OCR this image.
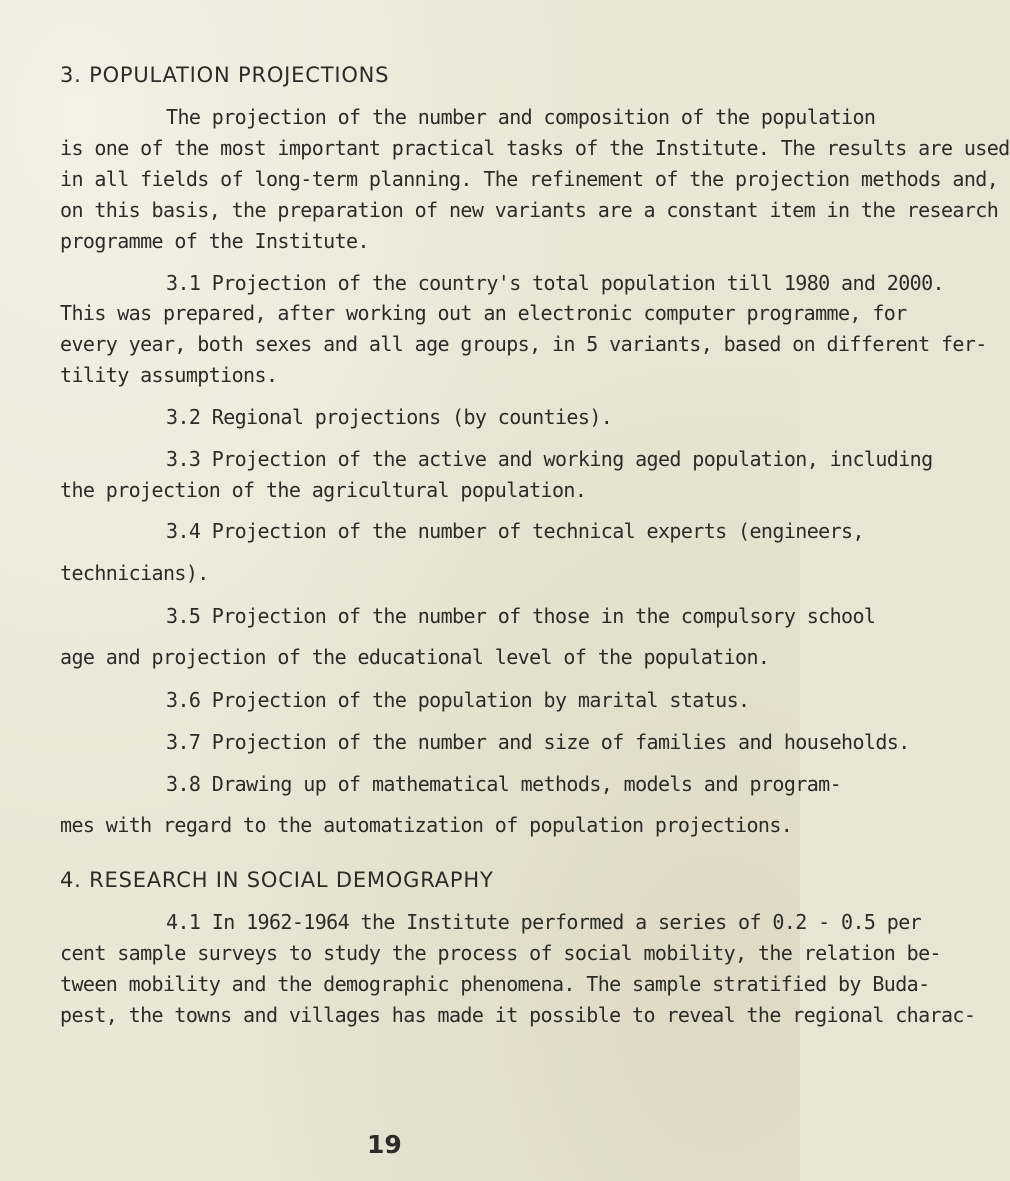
3. POPULATION PROJECTIONS
The projection of the number and composition of the population
is one of the most important practical tasks of the Institute. The results are used
in all fields of long-term planning. The refinement of the projection methods and,
on this basis, the preparation of new variants are a constant item in the research
programme of the Institute.
3.1 Projection of the country's total population till 1980 and 2000.
This was prepared, after working out an electronic computer programme, for
every year, both sexes and all age groups, in 5 variants, based on different fer-
tility assumptions.
3.2 Regional projections (by counties).
3.3 Projection of the active and working aged population, including
the projection of the agricultural population.
3.4 Projection of the number of technical experts (engineers,
technicians).
3.5 Projection of the number of those in the compulsory school
age and projection of the educational level of the population.
3.6 Projection of the population by marital status.
3.7 Projection of the number and size of families and households.
3.8 Drawing up of mathematical methods, models and program-
mes with regard to the automatization of population projections.
4. RESEARCH IN SOCIAL DEMOGRAPHY
4.1 In 1962-1964 the Institute performed a series of 0.2 - 0.5 per
cent sample surveys to study the process of social mobility, the relation be-
tween mobility and the demographic phenomena. The sample stratified by Buda-
pest, the towns and villages has made it possible to reveal the regional charac-
19
